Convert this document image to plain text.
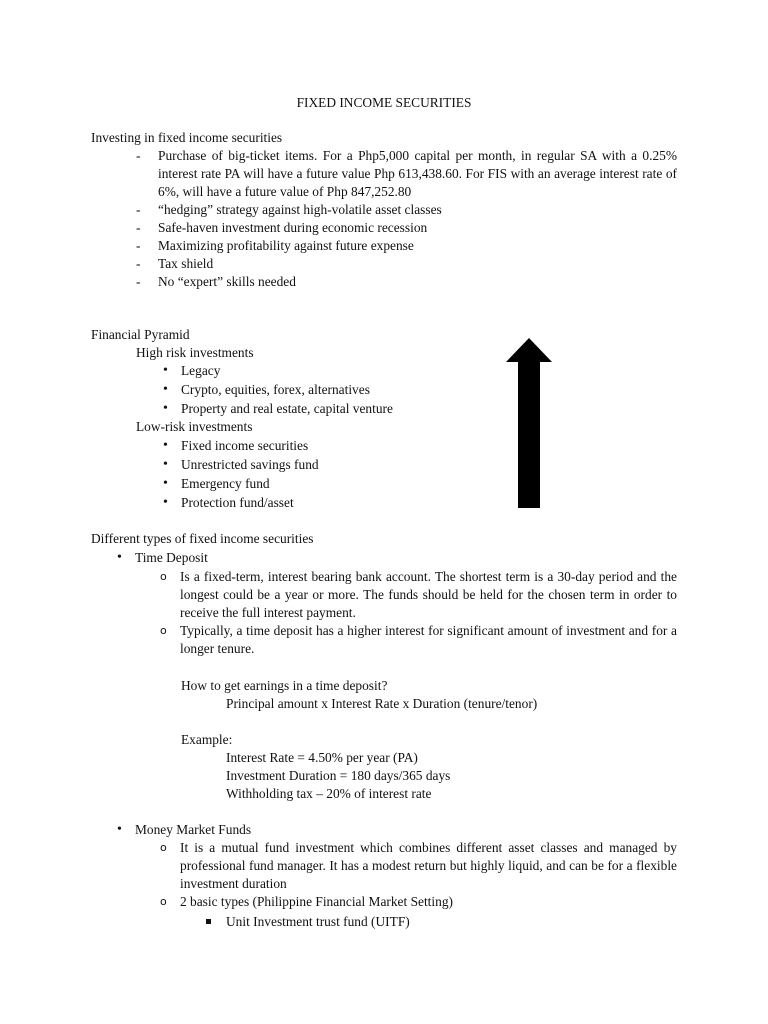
FIXED INCOME SECURITIES
Investing in fixed income securities
- Purchase of big-ticket items. For a Php5,000 capital per month, in regular SA with a 0.25% interest rate PA will have a future value Php 613,438.60. For FIS with an average interest rate of 6%, will have a future value of Php 847,252.80
- “hedging” strategy against high-volatile asset classes
- Safe-haven investment during economic recession
- Maximizing profitability against future expense
- Tax shield
- No “expert” skills needed
Financial Pyramid
High risk investments
• Legacy
• Crypto, equities, forex, alternatives
• Property and real estate, capital venture
Low-risk investments
• Fixed income securities
• Unrestricted savings fund
• Emergency fund
• Protection fund/asset
Different types of fixed income securities
• Time Deposit
o Is a fixed-term, interest bearing bank account. The shortest term is a 30-day period and the longest could be a year or more. The funds should be held for the chosen term in order to receive the full interest payment.
o Typically, a time deposit has a higher interest for significant amount of investment and for a longer tenure.
How to get earnings in a time deposit?
Principal amount x Interest Rate x Duration (tenure/tenor)
Example:
Interest Rate = 4.50% per year (PA)
Investment Duration = 180 days/365 days
Withholding tax – 20% of interest rate
• Money Market Funds
o It is a mutual fund investment which combines different asset classes and managed by professional fund manager. It has a modest return but highly liquid, and can be for a flexible investment duration
o 2 basic types (Philippine Financial Market Setting)
Unit Investment trust fund (UITF)
